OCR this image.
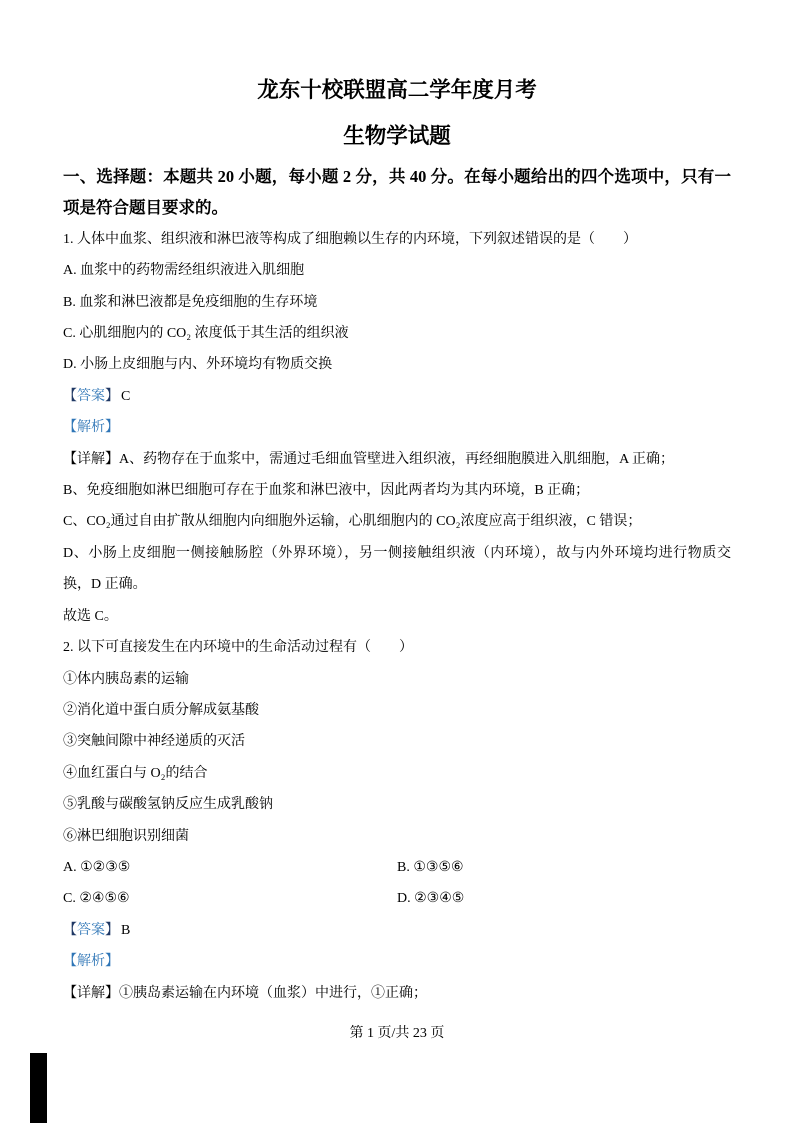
龙东十校联盟高二学年度月考
生物学试题

一、选择题：本题共 20 小题，每小题 2 分，共 40 分。在每小题给出的四个选项中，只有一项是符合题目要求的。

1. 人体中血浆、组织液和淋巴液等构成了细胞赖以生存的内环境，下列叙述错误的是（　　）

A. 血浆中的药物需经组织液进入肌细胞

B. 血浆和淋巴液都是免疫细胞的生存环境

C. 心肌细胞内的 CO₂ 浓度低于其生活的组织液

D. 小肠上皮细胞与内、外环境均有物质交换

【答案】 C

【解析】

【详解】A、药物存在于血浆中，需通过毛细血管壁进入组织液，再经细胞膜进入肌细胞，A 正确；

B、免疫细胞如淋巴细胞可存在于血浆和淋巴液中，因此两者均为其内环境，B 正确；

C、CO₂通过自由扩散从细胞内向细胞外运输，心肌细胞内的 CO₂浓度应高于组织液，C 错误；

D、小肠上皮细胞一侧接触肠腔（外界环境），另一侧接触组织液（内环境），故与内外环境均进行物质交换，D 正确。

故选 C。

2. 以下可直接发生在内环境中的生命活动过程有（　　）

①体内胰岛素的运输

②消化道中蛋白质分解成氨基酸

③突触间隙中神经递质的灭活

④血红蛋白与 O₂的结合

⑤乳酸与碳酸氢钠反应生成乳酸钠

⑥淋巴细胞识别细菌

A. ①②③⑤	B. ①③⑤⑥

C. ②④⑤⑥	D. ②③④⑤

【答案】 B

【解析】

【详解】①胰岛素运输在内环境（血浆）中进行，①正确；

第 1 页/共 23 页
